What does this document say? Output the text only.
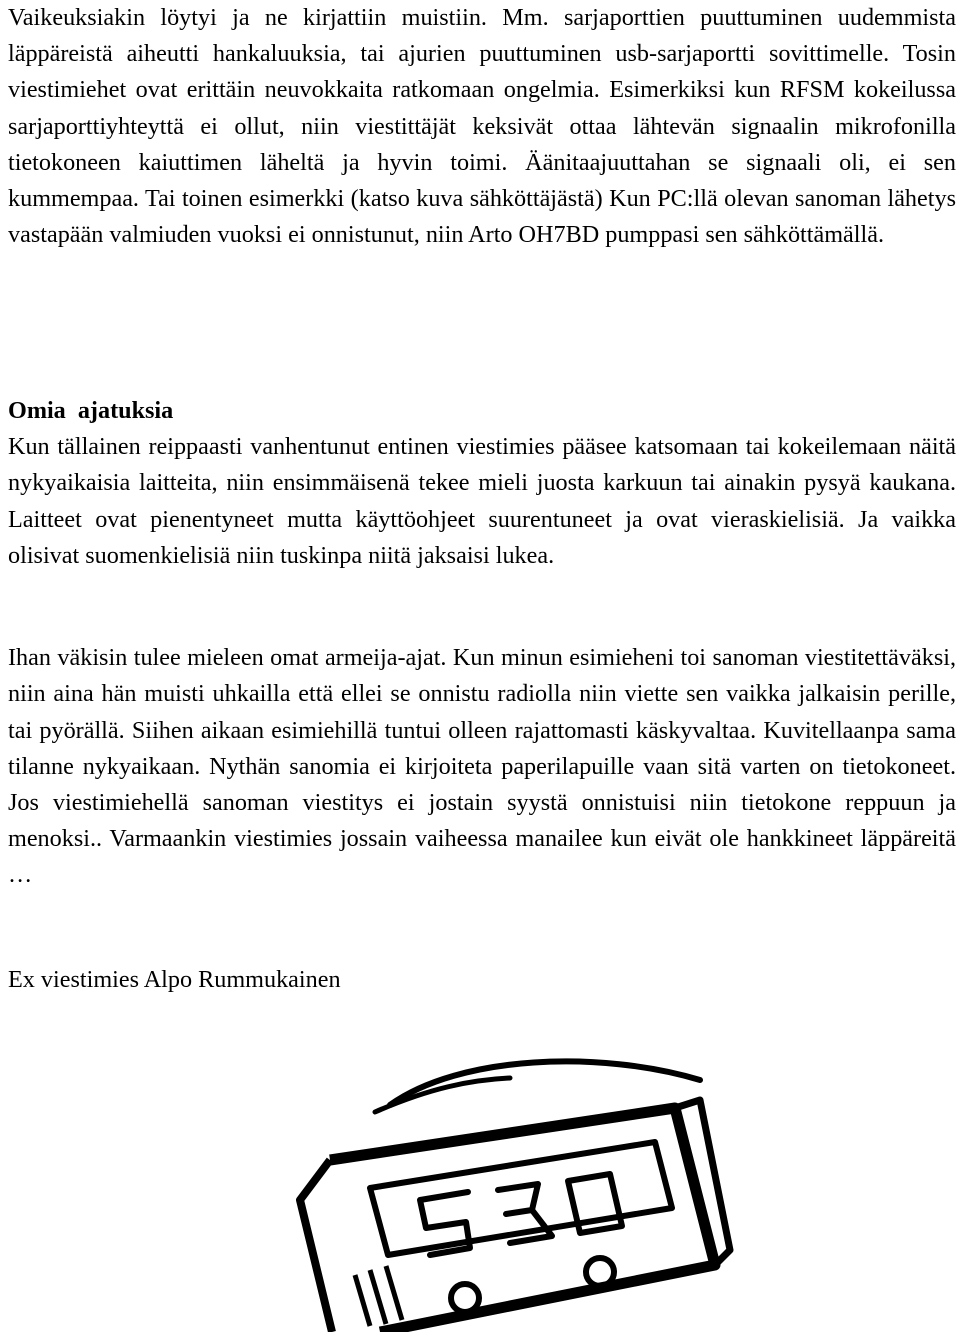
Vaikeuksiakin löytyi ja ne kirjattiin muistiin. Mm. sarjaporttien puuttuminen uudemmista läppäreistä aiheutti hankaluuksia, tai ajurien puuttuminen usb-sarjaportti sovittimelle. Tosin viestimiehet ovat erittäin neuvokkaita ratkomaan ongelmia. Esimerkiksi kun RFSM kokeilussa sarjaporttiyhteyttä ei ollut, niin viestittäjät keksivät ottaa lähtevän signaalin mikrofonilla tietokoneen kaiuttimen läheltä ja hyvin toimi. Äänitaajuuttahan se signaali oli, ei sen kummempaa. Tai toinen esimerkki (katso kuva sähköttäjästä) Kun PC:llä olevan sanoman lähetys vastapään valmiuden vuoksi ei onnistunut, niin Arto OH7BD pumppasi sen sähköttämällä.

Omia ajatuksia

Kun tällainen reippaasti vanhentunut entinen viestimies pääsee katsomaan tai kokeilemaan näitä nykyaikaisia laitteita, niin ensimmäisenä tekee mieli juosta karkuun tai ainakin pysyä kaukana. Laitteet ovat pienentyneet mutta käyttöohjeet suurentuneet ja ovat vieraskielisiä. Ja vaikka olisivat suomenkielisiä niin tuskinpa niitä jaksaisi lukea.

Ihan väkisin tulee mieleen omat armeija-ajat. Kun minun esimieheni toi sanoman viestitettäväksi, niin aina hän muisti uhkailla että ellei se onnistu radiolla niin viette sen vaikka jalkaisin perille, tai pyörällä. Siihen aikaan esimiehillä tuntui olleen rajattomasti käskyvaltaa. Kuvitellaanpa sama tilanne nykyaikaan. Nythän sanomia ei kirjoiteta paperilapuille vaan sitä varten on tietokoneet. Jos viestimiehellä sanoman viestitys ei jostain syystä onnistuisi niin tietokone reppuun ja menoksi.. Varmaankin viestimies jossain vaiheessa manailee kun eivät ole hankkineet läppäreitä …

Ex viestimies Alpo Rummukainen
